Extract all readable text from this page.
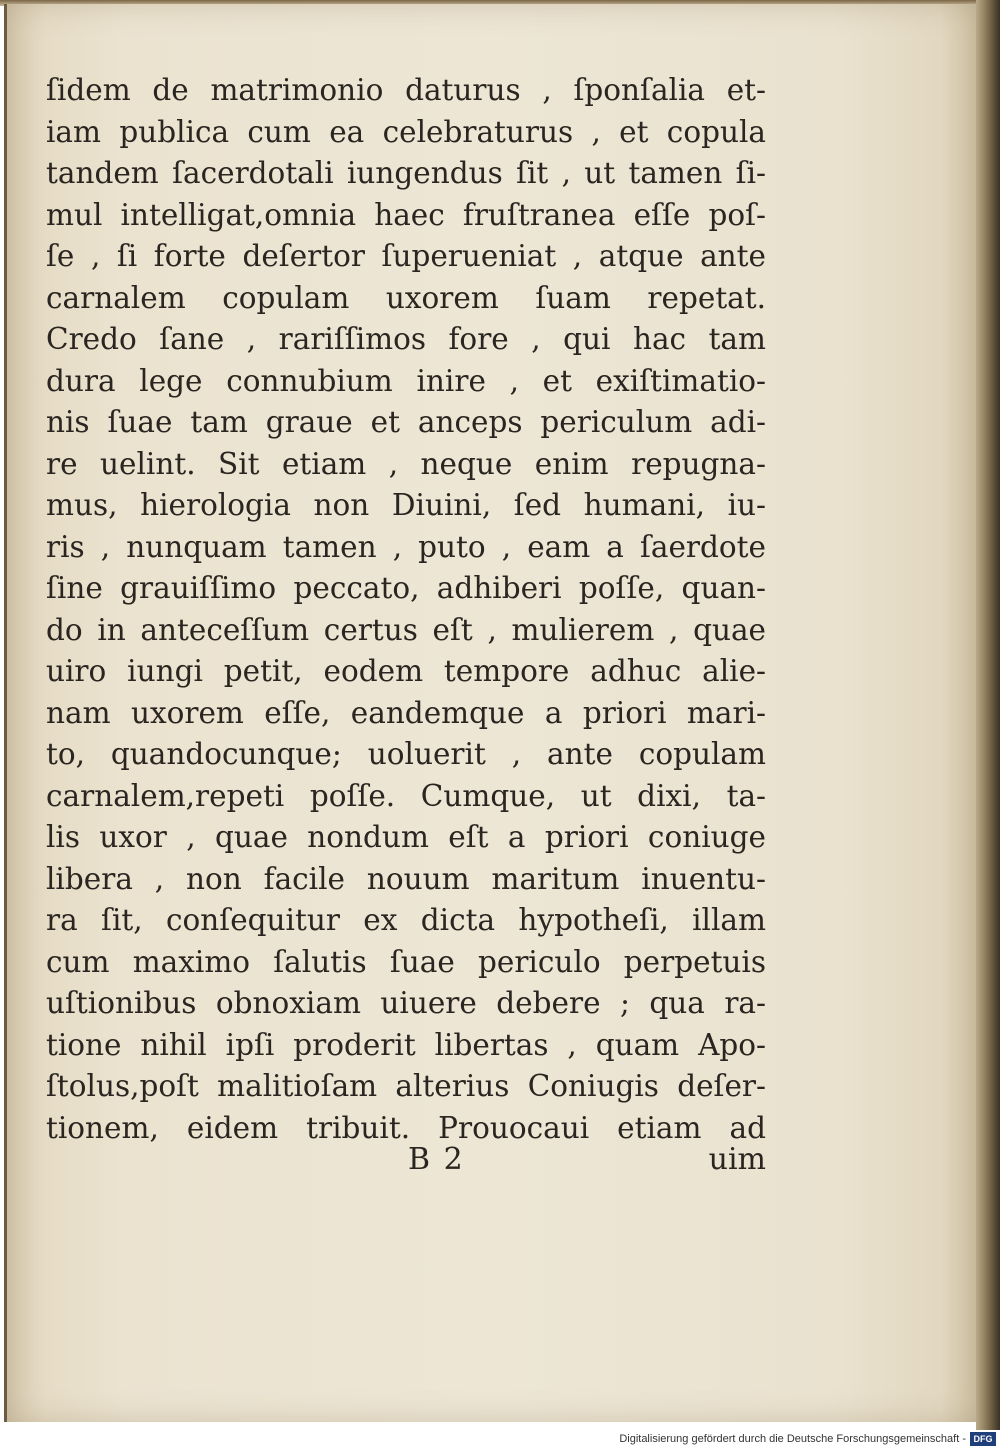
ſidem de matrimonio daturus , ſponſalia et-
iam publica cum ea celebraturus , et copula
tandem ſacerdotali iungendus ſit , ut tamen ſi-
mul intelligat,omnia haec fruſtranea eſſe poſ-
ſe , ſi forte deſertor ſuperueniat , atque ante
carnalem copulam uxorem ſuam repetat.
Credo ſane , rariſſimos fore , qui hac tam
dura lege connubium inire , et exiſtimatio-
nis ſuae tam graue et anceps periculum adi-
re uelint. Sit etiam , neque enim repugna-
mus, hierologia non Diuini, ſed humani, iu-
ris , nunquam tamen , puto , eam a ſaerdote
ſine grauiſſimo peccato, adhiberi poſſe, quan-
do in anteceſſum certus eſt , mulierem , quae
uiro iungi petit, eodem tempore adhuc alie-
nam uxorem eſſe, eandemque a priori mari-
to, quandocunque; uoluerit , ante copulam
carnalem,repeti poſſe. Cumque, ut dixi, ta-
lis uxor , quae nondum eſt a priori coniuge
libera , non facile nouum maritum inuentu-
ra ſit, conſequitur ex dicta hypotheſi, illam
cum maximo ſalutis ſuae periculo perpetuis
uſtionibus obnoxiam uiuere debere ; qua ra-
tione nihil ipſi proderit libertas , quam Apo-
ſtolus,poſt malitioſam alterius Coniugis deſer-
tionem, eidem tribuit. Prouocaui etiam ad
B 2	uim
Digitalisierung gefördert durch die Deutsche Forschungsgemeinschaft - DFG
